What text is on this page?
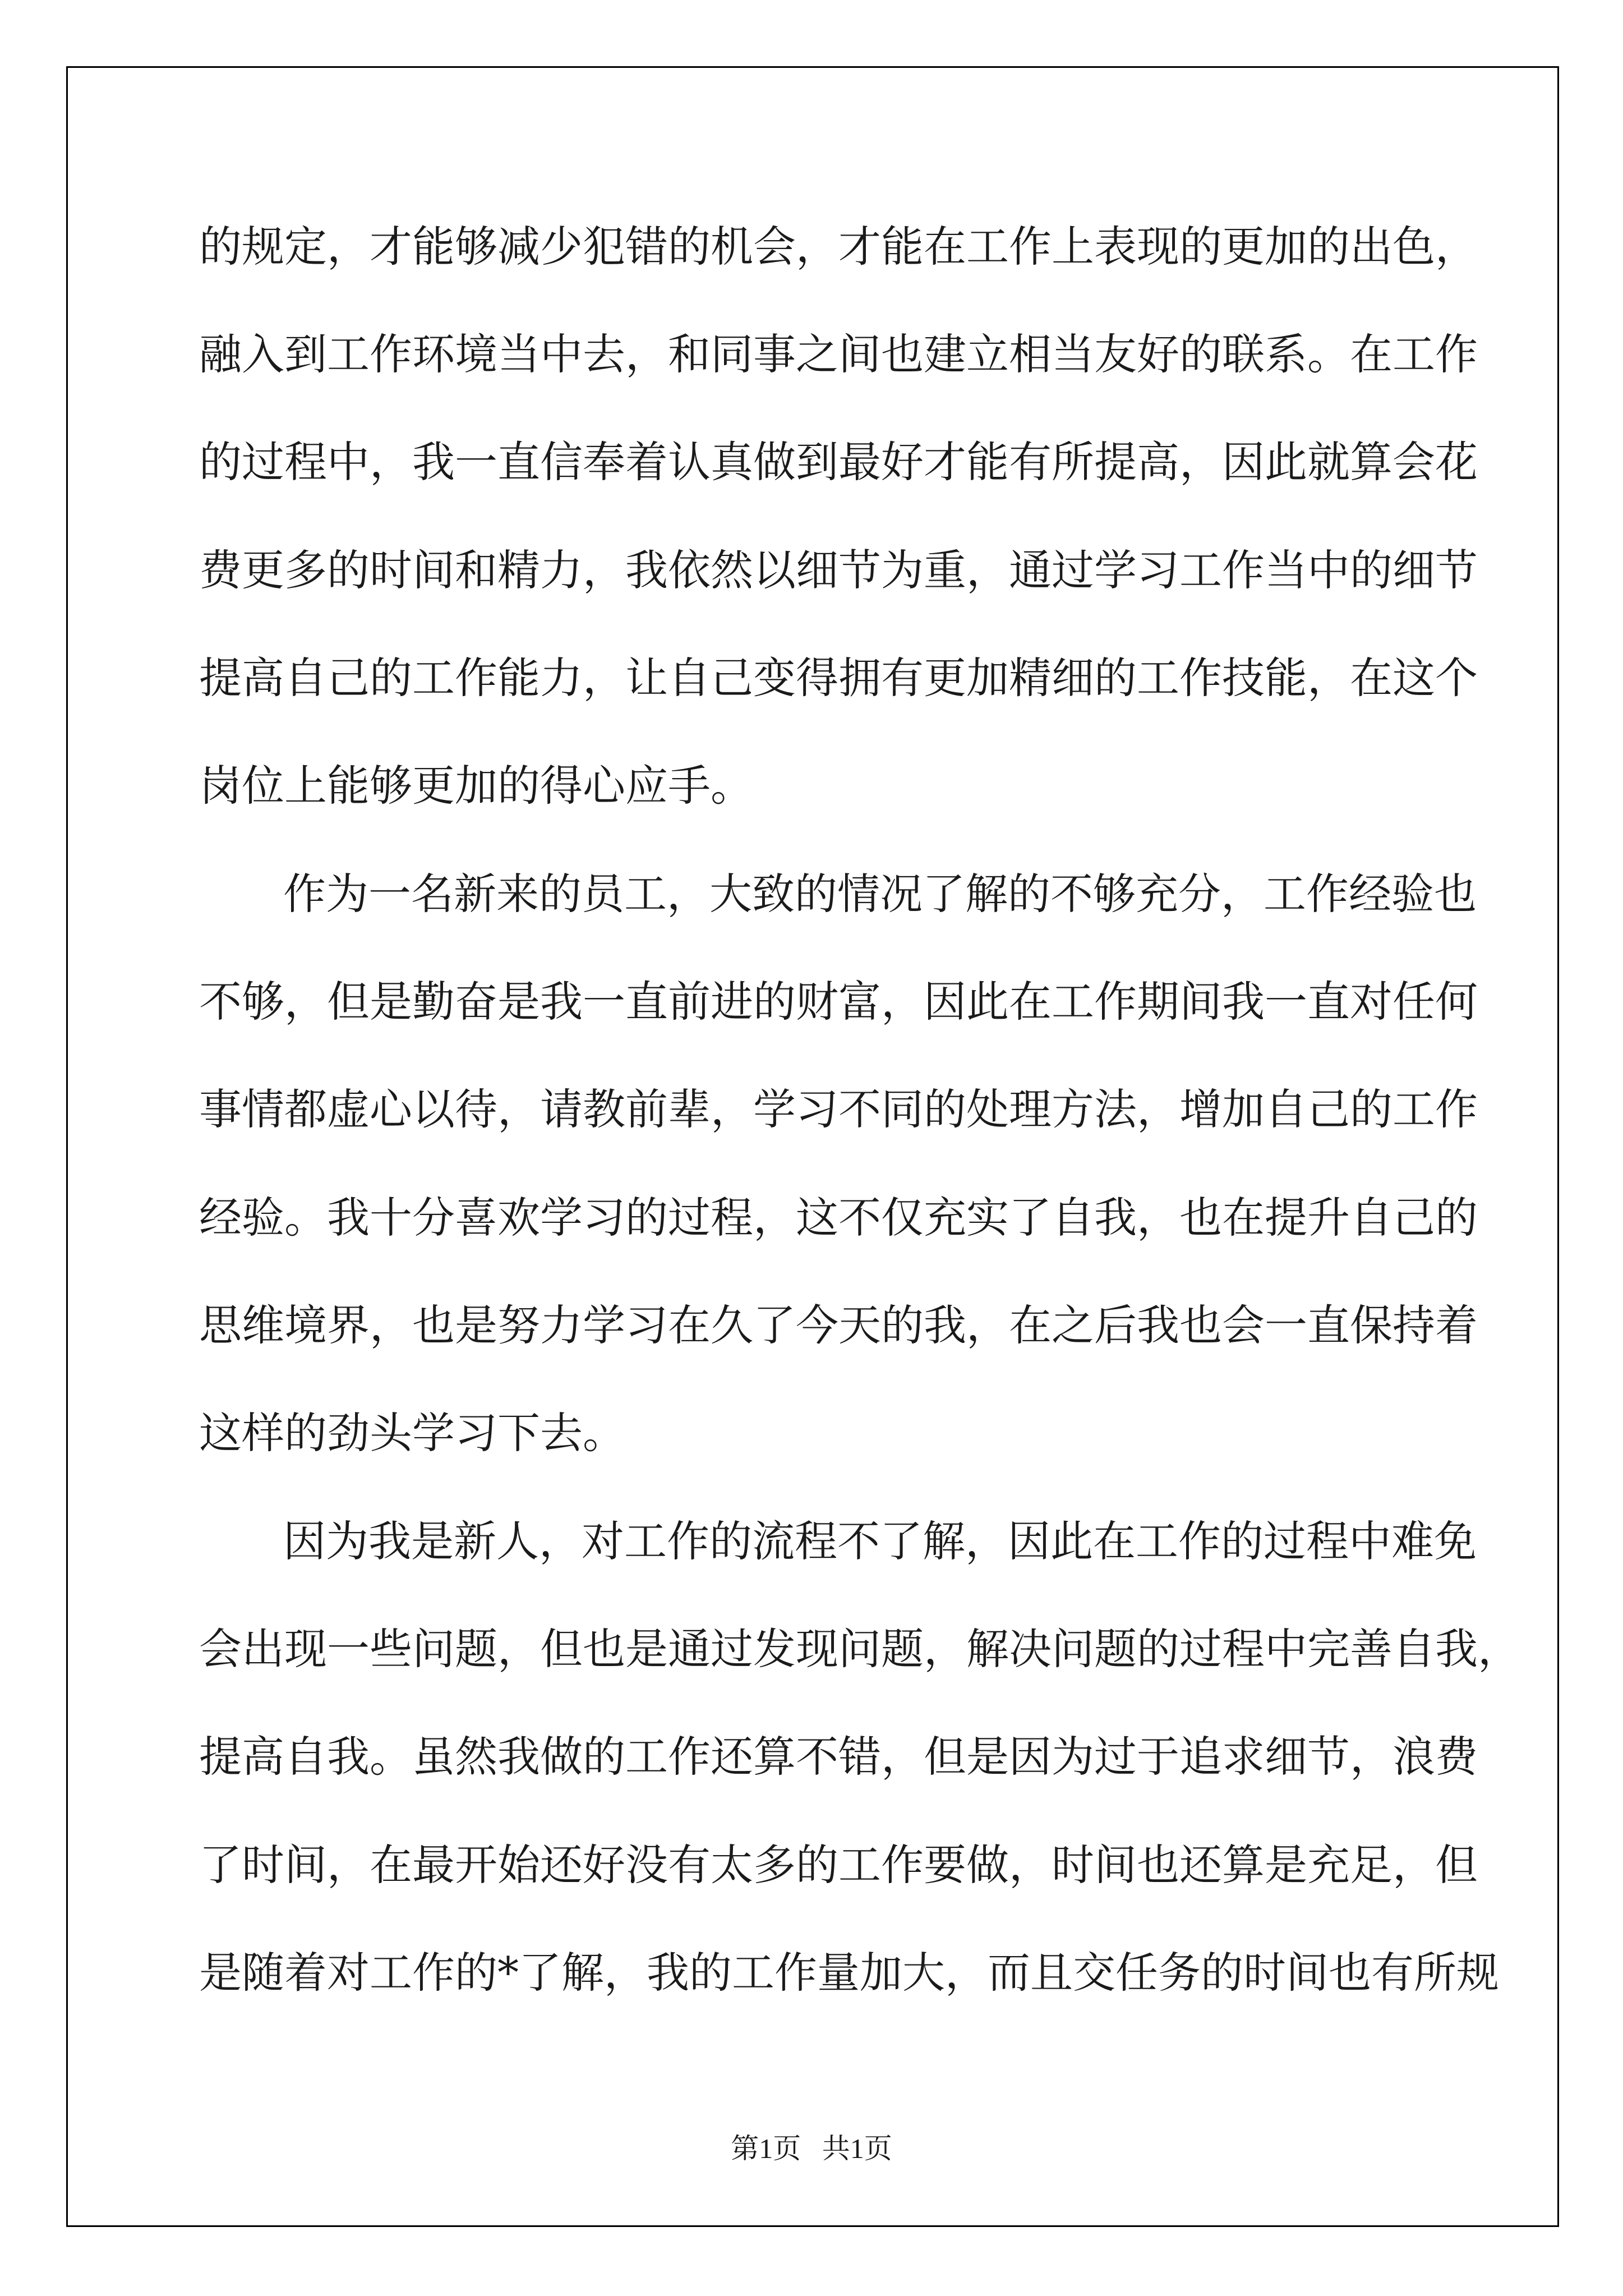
的规定，才能够减少犯错的机会，才能在工作上表现的更加的出色，
融入到工作环境当中去，和同事之间也建立相当友好的联系。在工作
的过程中，我一直信奉着认真做到最好才能有所提高，因此就算会花
费更多的时间和精力，我依然以细节为重，通过学习工作当中的细节
提高自己的工作能力，让自己变得拥有更加精细的工作技能，在这个
岗位上能够更加的得心应手。
作为一名新来的员工，大致的情况了解的不够充分，工作经验也
不够，但是勤奋是我一直前进的财富，因此在工作期间我一直对任何
事情都虚心以待，请教前辈，学习不同的处理方法，增加自己的工作
经验。我十分喜欢学习的过程，这不仅充实了自我，也在提升自己的
思维境界，也是努力学习在久了今天的我，在之后我也会一直保持着
这样的劲头学习下去。
因为我是新人，对工作的流程不了解，因此在工作的过程中难免
会出现一些问题，但也是通过发现问题，解决问题的过程中完善自我，
提高自我。虽然我做的工作还算不错，但是因为过于追求细节，浪费
了时间，在最开始还好没有太多的工作要做，时间也还算是充足，但
是随着对工作的*了解，我的工作量加大，而且交任务的时间也有所规
第1页   共1页
